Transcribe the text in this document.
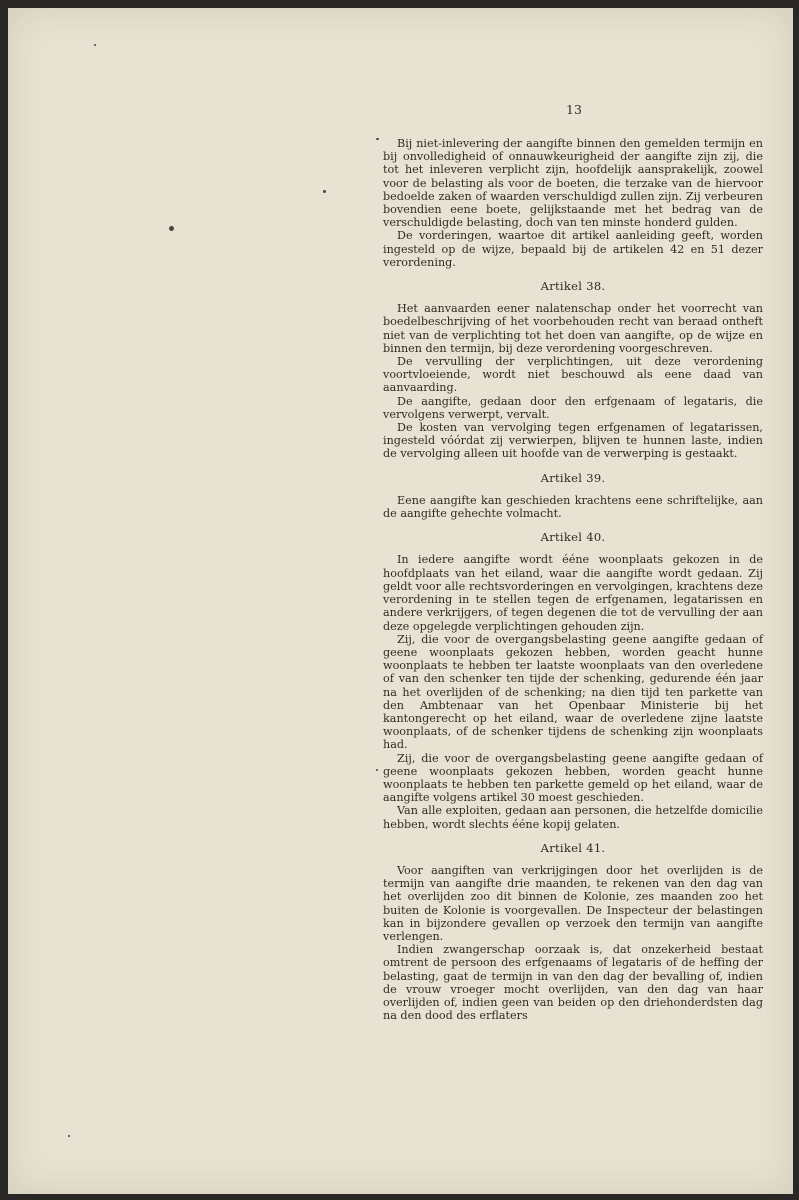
13

Bij niet-inlevering der aangifte binnen den gemelden termijn en bij onvolledigheid of onnauwkeurigheid der aangifte zijn zij, die tot het inleveren verplicht zijn, hoofdelijk aansprakelijk, zoowel voor de belasting als voor de boeten, die terzake van de hiervoor bedoelde zaken of waarden verschuldigd zullen zijn. Zij verbeuren bovendien eene boete, gelijkstaande met het bedrag van de verschuldigde belasting, doch van ten minste honderd gulden.

De vorderingen, waartoe dit artikel aanleiding geeft, worden ingesteld op de wijze, bepaald bij de artikelen 42 en 51 dezer verordening.

Artikel 38.

Het aanvaarden eener nalatenschap onder het voorrecht van boedelbeschrijving of het voorbehouden recht van beraad ontheft niet van de verplichting tot het doen van aangifte, op de wijze en binnen den termijn, bij deze verordening voorgeschreven.

De vervulling der verplichtingen, uit deze verordening voortvloeiende, wordt niet beschouwd als eene daad van aanvaarding.

De aangifte, gedaan door den erfgenaam of legataris, die vervolgens verwerpt, vervalt.

De kosten van vervolging tegen erfgenamen of legatarissen, ingesteld vóórdat zij verwierpen, blijven te hunnen laste, indien de vervolging alleen uit hoofde van de verwerping is gestaakt.

Artikel 39.

Eene aangifte kan geschieden krachtens eene schriftelijke, aan de aangifte gehechte volmacht.

Artikel 40.

In iedere aangifte wordt ééne woonplaats gekozen in de hoofdplaats van het eiland, waar die aangifte wordt gedaan. Zij geldt voor alle rechtsvorderingen en vervolgingen, krachtens deze verordening in te stellen tegen de erfgenamen, legatarissen en andere verkrijgers, of tegen degenen die tot de vervulling der aan deze opgelegde verplichtingen gehouden zijn.

Zij, die voor de overgangsbelasting geene aangifte gedaan of geene woonplaats gekozen hebben, worden geacht hunne woonplaats te hebben ter laatste woonplaats van den overledene of van den schenker ten tijde der schenking, gedurende één jaar na het overlijden of de schenking; na dien tijd ten parkette van den Ambtenaar van het Openbaar Ministerie bij het kantongerecht op het eiland, waar de overledene zijne laatste woonplaats, of de schenker tijdens de schenking zijn woonplaats had.

Zij, die voor de overgangsbelasting geene aangifte gedaan of geene woonplaats gekozen hebben, worden geacht hunne woonplaats te hebben ten parkette gemeld op het eiland, waar de aangifte volgens artikel 30 moest geschieden.

Van alle exploiten, gedaan aan personen, die hetzelfde domicilie hebben, wordt slechts ééne kopij gelaten.

Artikel 41.

Voor aangiften van verkrijgingen door het overlijden is de termijn van aangifte drie maanden, te rekenen van den dag van het overlijden zoo dit binnen de Kolonie, zes maanden zoo het buiten de Kolonie is voorgevallen. De Inspecteur der belastingen kan in bijzondere gevallen op verzoek den termijn van aangifte verlengen.

Indien zwangerschap oorzaak is, dat onzekerheid bestaat omtrent de persoon des erfgenaams of legataris of de heffing der belasting, gaat de termijn in van den dag der bevalling of, indien de vrouw vroeger mocht overlijden, van den dag van haar overlijden of, indien geen van beiden op den driehonderdsten dag na den dood des erflaters
